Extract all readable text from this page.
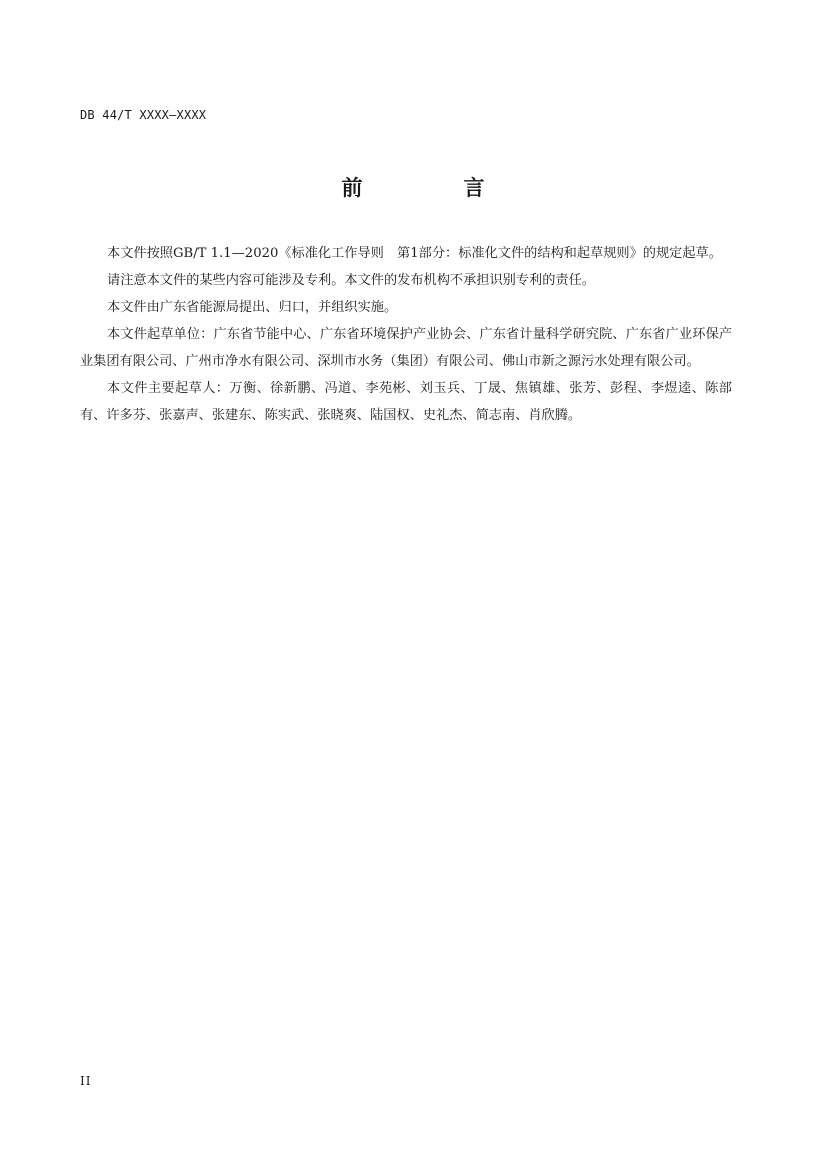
DB 44/T XXXX—XXXX
前　言

本文件按照GB/T 1.1—2020《标准化工作导则　第1部分：标准化文件的结构和起草规则》的规定起草。

请注意本文件的某些内容可能涉及专利。本文件的发布机构不承担识别专利的责任。

本文件由广东省能源局提出、归口，并组织实施。

本文件起草单位：广东省节能中心、广东省环境保护产业协会、广东省计量科学研究院、广东省广业环保产业集团有限公司、广州市净水有限公司、深圳市水务（集团）有限公司、佛山市新之源污水处理有限公司。

本文件主要起草人：万衡、徐新鹏、冯道、李苑彬、刘玉兵、丁晟、焦镇雄、张芳、彭程、李煜逵、陈部有、许多芬、张嘉声、张建东、陈实武、张晓爽、陆国权、史礼杰、简志南、肖欣腾。

II
